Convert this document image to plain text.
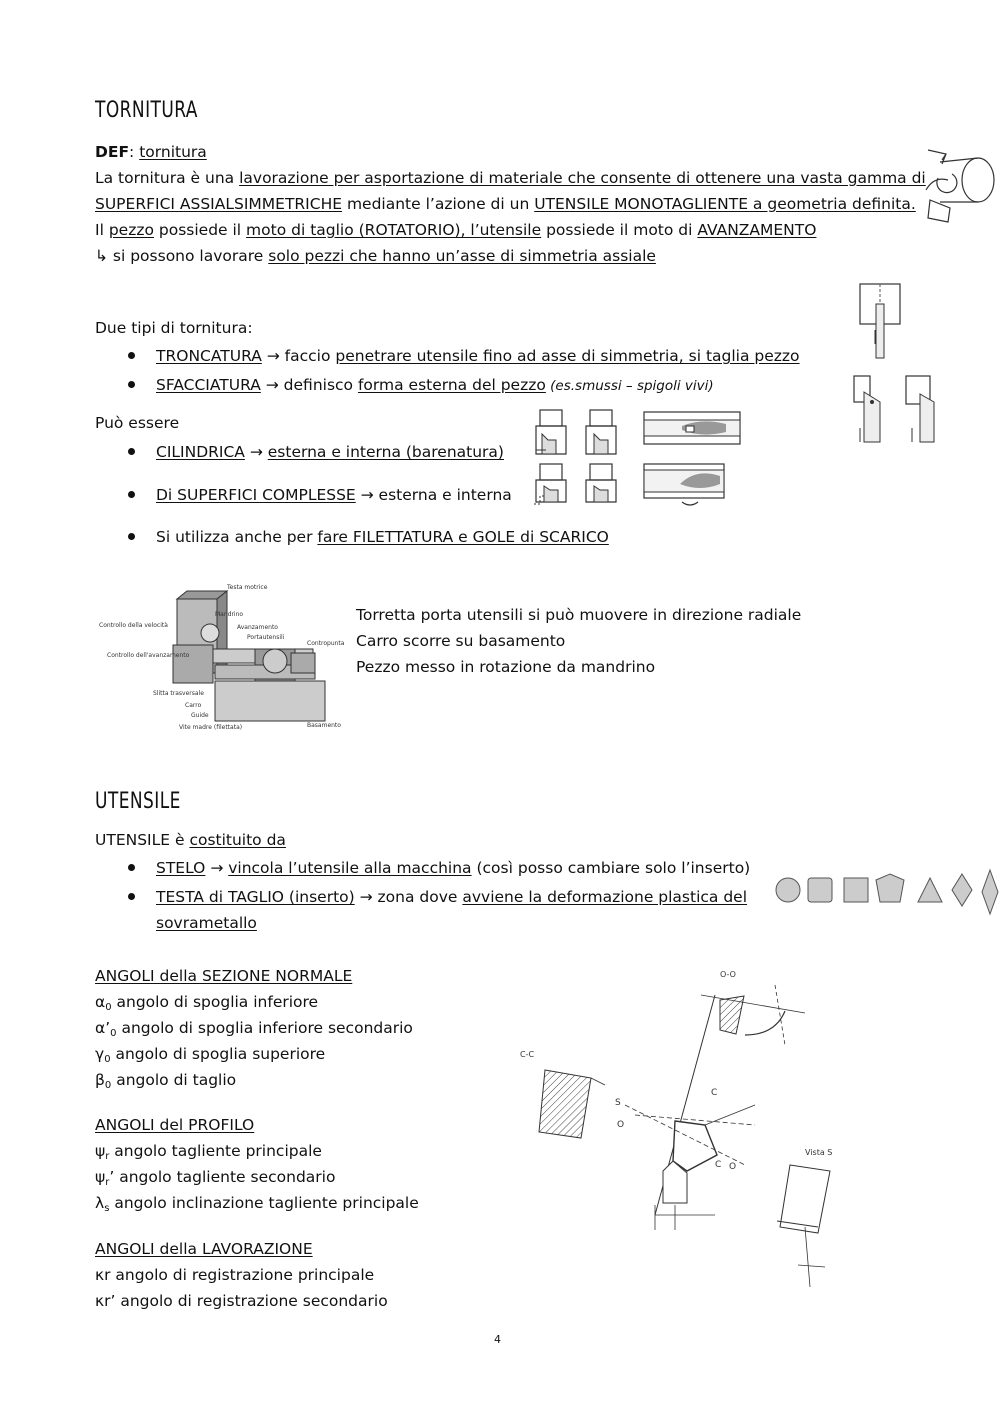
TORNITURA
DEF: tornitura
La tornitura è una lavorazione per asportazione di materiale che consente di ottenere una vasta gamma di
SUPERFICI ASSIALSIMMETRICHE mediante l’azione di un UTENSILE MONOTAGLIENTE a geometria definita.
Il pezzo possiede il moto di taglio (ROTATORIO), l’utensile possiede il moto di AVANZAMENTO
↳ si possono lavorare solo pezzi che hanno un’asse di simmetria assiale
Due tipi di tornitura:
TRONCATURA → faccio penetrare utensile fino ad asse di simmetria, si taglia pezzo
SFACCIATURA → definisco forma esterna del pezzo (es.smussi – spigoli vivi)
Può essere
CILINDRICA → esterna e interna (barenatura)
Di SUPERFICI COMPLESSE → esterna e interna
Si utilizza anche per fare FILETTATURA e GOLE di SCARICO
Testa motrice
Mandrino
Avanzamento
Portautensili
Controllo della velocità
Controllo dell'avanzamento
Contropunta
Slitta trasversale
Carro
Guide
Vite madre (filettata)	Basamento
Torretta porta utensili si può muovere in direzione radiale
Carro scorre su basamento
Pezzo messo in rotazione da mandrino
UTENSILE
UTENSILE è costituito da
STELO → vincola l’utensile alla macchina (così posso cambiare solo l’inserto)
TESTA di TAGLIO (inserto) → zona dove avviene la deformazione plastica del
sovrametallo
ANGOLI della SEZIONE NORMALE
$\alpha_0$ angolo di spoglia inferiore
$\alpha’_0$ angolo di spoglia inferiore secondario
$\gamma_0$ angolo di spoglia superiore
$\beta_0$ angolo di taglio
ANGOLI del PROFILO
$\psi_r$ angolo tagliente principale
$\psi_r$’ angolo tagliente secondario
$\lambda_s$ angolo inclinazione tagliente principale
ANGOLI della LAVORAZIONE
κr angolo di registrazione principale
κr’ angolo di registrazione secondario
O-O
C-C
S
O
O
C
C
Vista S
4
